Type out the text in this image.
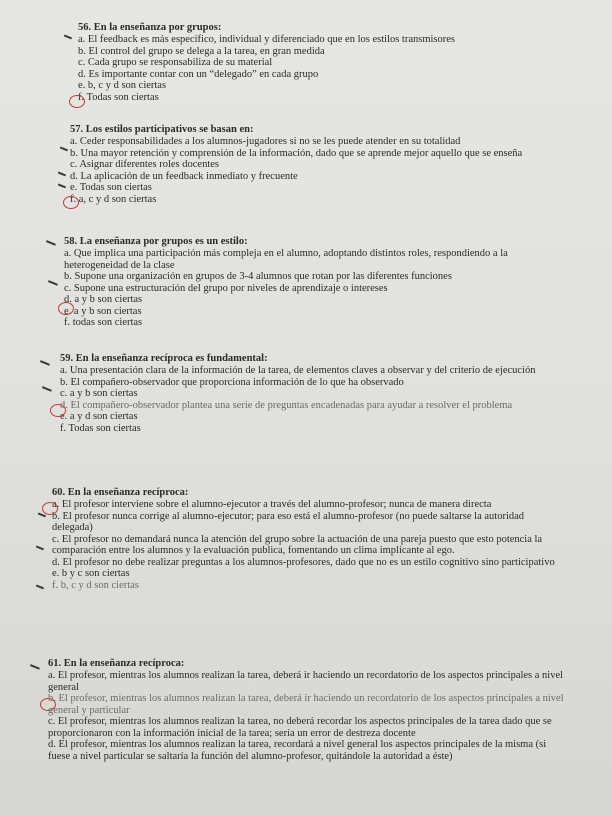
56. En la enseñanza por grupos:
a. El feedback es más específico, individual y diferenciado que en los estilos transmisores
b. El control del grupo se delega a la tarea, en gran medida
c. Cada grupo se responsabiliza de su material
d. Es importante contar con un “delegado” en cada grupo
e. b, c y d son ciertas
f. Todas son ciertas
57. Los estilos participativos se basan en:
a. Ceder responsabilidades a los alumnos-jugadores si no se les puede atender en su totalidad
b. Una mayor retención y comprensión de la información, dado que se aprende mejor aquello que se enseña
c. Asignar diferentes roles docentes
d. La aplicación de un feedback inmediato y frecuente
e. Todas son ciertas
f. a, c y d son ciertas
58. La enseñanza por grupos es un estilo:
a. Que implica una participación más compleja en el alumno, adoptando distintos roles, respondiendo a la heterogeneidad de la clase
b. Supone una organización en grupos de 3-4 alumnos que rotan por las diferentes funciones
c. Supone una estructuración del grupo por niveles de aprendizaje o intereses
d. a y b son ciertas
e. a y b son ciertas
f. todas son ciertas
59. En la enseñanza recíproca es fundamental:
a. Una presentación clara de la información de la tarea, de elementos claves a observar y del criterio de ejecución
b. El compañero-observador que proporciona información de lo que ha observado
c. a y b son ciertas
d. El compañero-observador plantea una serie de preguntas encadenadas para ayudar a resolver el problema
e. a y d son ciertas
f. Todas son ciertas
60. En la enseñanza recíproca:
a. El profesor interviene sobre el alumno-ejecutor a través del alumno-profesor; nunca de manera directa
b. El profesor nunca corrige al alumno-ejecutor; para eso está el alumno-profesor (no puede saltarse la autoridad delegada)
c. El profesor no demandará nunca la atención del grupo sobre la actuación de una pareja puesto que esto potencia la comparación entre los alumnos y la evaluación publica, fomentando un clima implicante al ego.
d. El profesor no debe realizar preguntas a los alumnos-profesores, dado que no es un estilo cognitivo sino participativo
e. b y c son ciertas
f. b, c y d son ciertas
61. En la enseñanza recíproca:
a. El profesor, mientras los alumnos realizan la tarea, deberá ir haciendo un recordatorio de los aspectos principales a nivel general
b. El profesor, mientras los alumnos realizan la tarea, deberá ir haciendo un recordatorio de los aspectos principales a nivel general y particular
c. El profesor, mientras los alumnos realizan la tarea, no deberá recordar los aspectos principales de la tarea dado que se proporcionaron con la información inicial de la tarea; sería un error de destreza docente
d. El profesor, mientras los alumnos realizan la tarea, recordará a nivel general los aspectos principales de la misma (si fuese a nivel particular se saltaría la función del alumno-profesor, quitándole la autoridad a éste)
